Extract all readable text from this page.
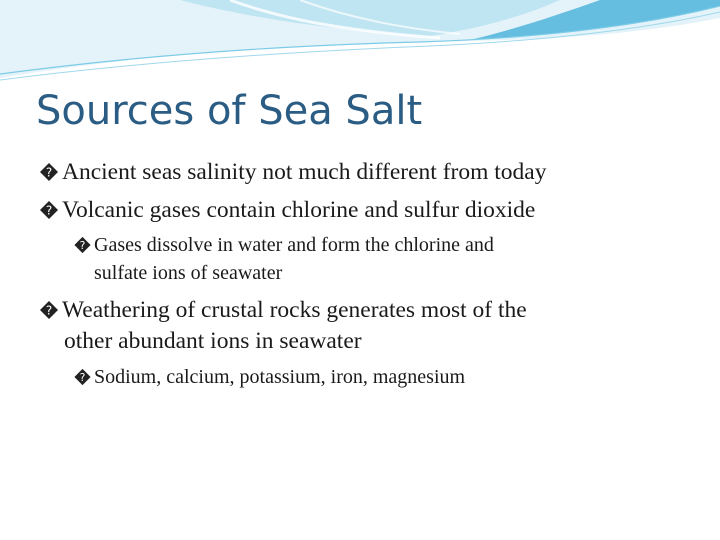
Sources of Sea Salt
? Ancient seas salinity not much different from today
? Volcanic gases contain chlorine and sulfur dioxide
? Gases dissolve in water and form the chlorine and
sulfate ions of seawater
? Weathering of crustal rocks generates most of the
other abundant ions in seawater
? Sodium, calcium, potassium, iron, magnesium
